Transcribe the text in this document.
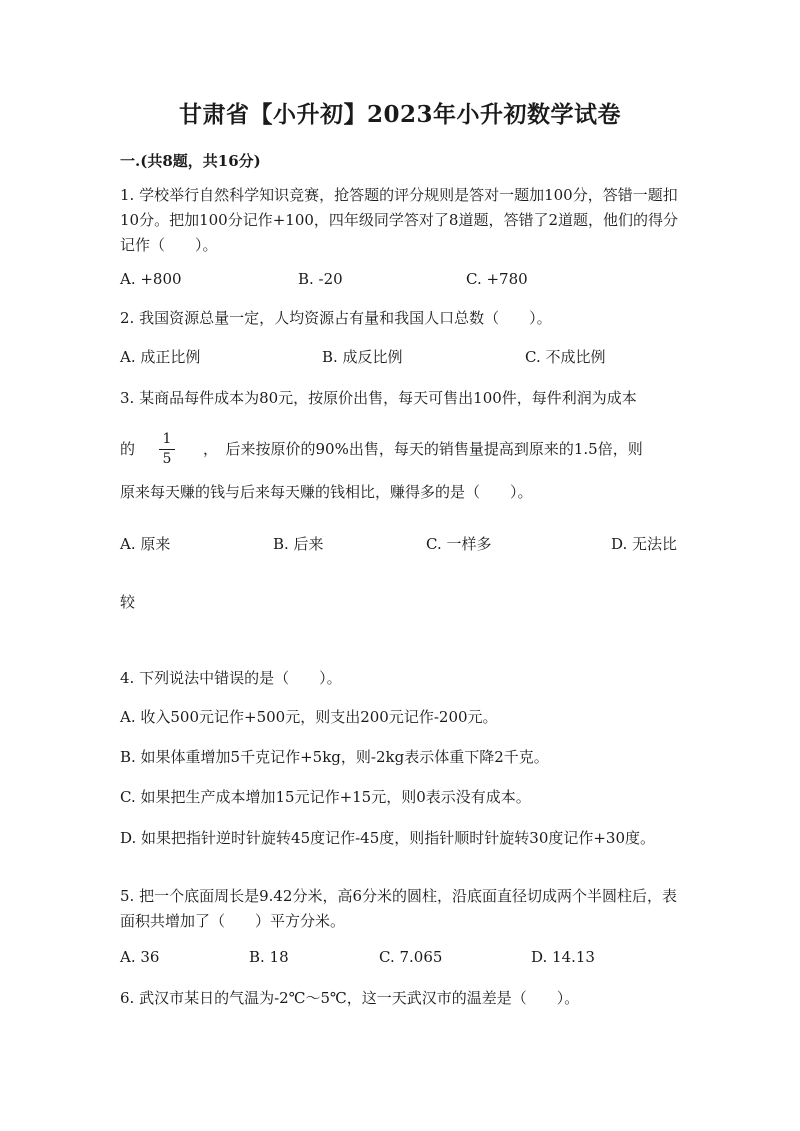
甘肃省【小升初】2023年小升初数学试卷
一.(共8题，共16分)
1. 学校举行自然科学知识竞赛，抢答题的评分规则是答对一题加100分，答错一题扣10分。把加100分记作+100，四年级同学答对了8道题，答错了2道题，他们的得分记作（　　）。
A. +800	B. -20	C. +780
2. 我国资源总量一定，人均资源占有量和我国人口总数（　　）。
A. 成正比例	B. 成反比例	C. 不成比例
3. 某商品每件成本为80元，按原价出售，每天可售出100件，每件利润为成本
的
1
5
，　后来按原价的90%出售，每天的销售量提高到原来的1.5倍，则
原来每天赚的钱与后来每天赚的钱相比，赚得多的是（　　）。
A. 原来	B. 后来	C. 一样多	D. 无法比
较
4. 下列说法中错误的是（　　）。
A. 收入500元记作+500元，则支出200元记作-200元。
B. 如果体重增加5千克记作+5kg，则-2kg表示体重下降2千克。
C. 如果把生产成本增加15元记作+15元，则0表示没有成本。
D. 如果把指针逆时针旋转45度记作-45度，则指针顺时针旋转30度记作+30度。
5. 把一个底面周长是9.42分米，高6分米的圆柱，沿底面直径切成两个半圆柱后，表面积共增加了（　　）平方分米。
A. 36	B. 18	C. 7.065	D. 14.13
6. 武汉市某日的气温为-2℃～5℃，这一天武汉市的温差是（　　）。
